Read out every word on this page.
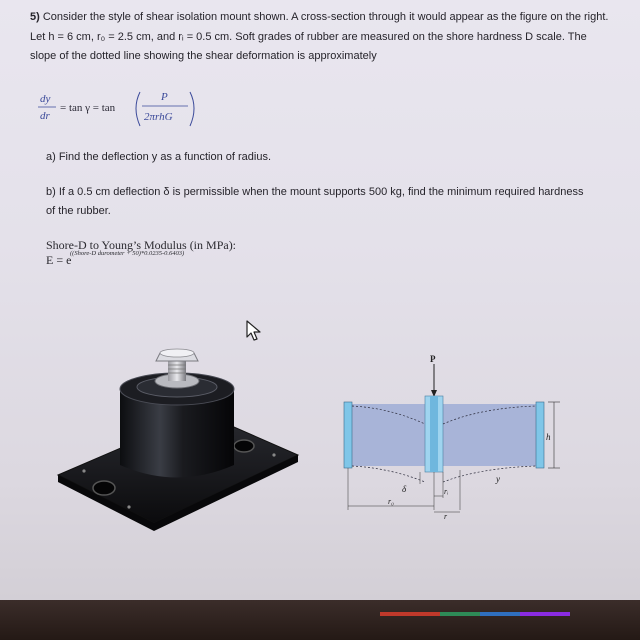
5) Consider the style of shear isolation mount shown. A cross-section through it would appear as the figure on the right. Let h = 6 cm, r₀ = 2.5 cm, and rᵢ = 0.5 cm. Soft grades of rubber are measured on the shore hardness D scale. The slope of the dotted line showing the shear deformation is approximately

dy
dr
= tan γ = tan
P
2πrhG

a) Find the deflection y as a function of radius.

b) If a 0.5 cm deflection δ is permissible when the mount supports 500 kg, find the minimum required hardness of the rubber.

Shore-D to Young’s Modulus (in MPa):

E = e
((Shore-D durometer + 50)*0.0235-0.6403)

P
h
δ	rᵢ
r₀
r
y
